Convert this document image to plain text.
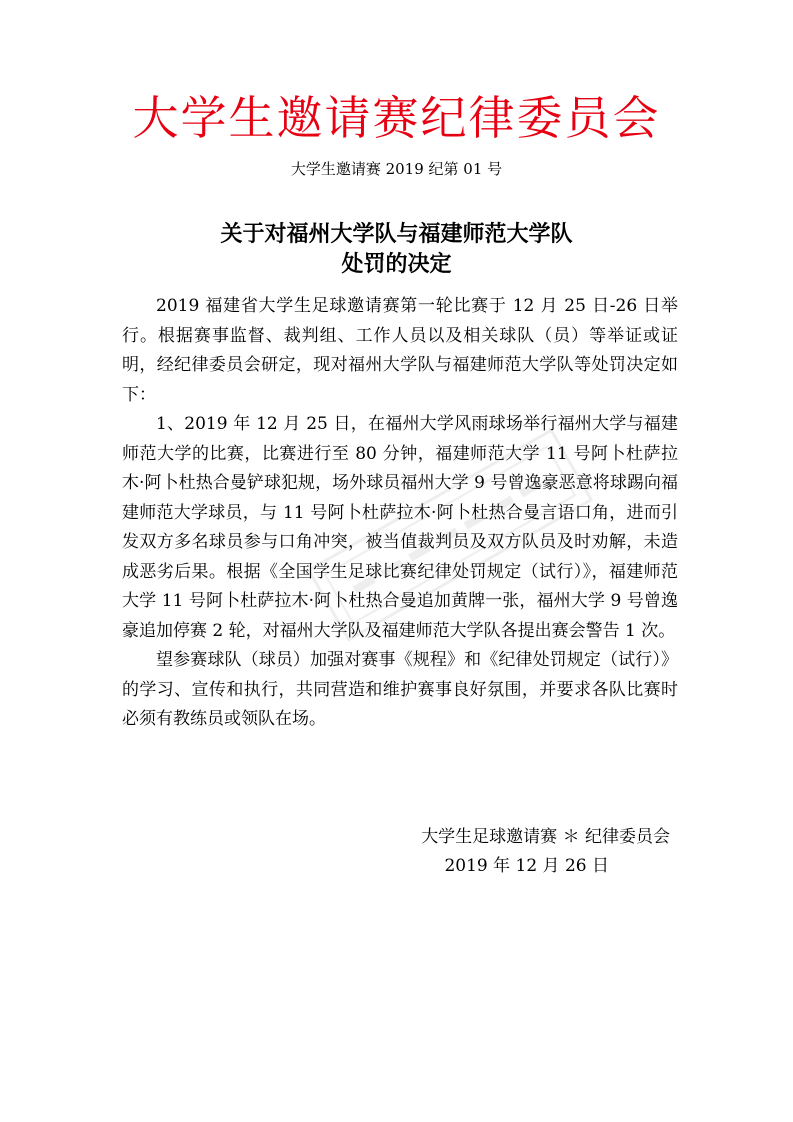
大学生邀请赛纪律委员会
大学生邀请赛 2019 纪第 01 号
关于对福州大学队与福建师范大学队
处罚的决定

2019 福建省大学生足球邀请赛第一轮比赛于 12 月 25 日-26 日举行。根据赛事监督、裁判组、工作人员以及相关球队（员）等举证或证明，经纪律委员会研定，现对福州大学队与福建师范大学队等处罚决定如下：

1、2019 年 12 月 25 日，在福州大学风雨球场举行福州大学与福建师范大学的比赛，比赛进行至 80 分钟，福建师范大学 11 号阿卜杜萨拉木·阿卜杜热合曼铲球犯规，场外球员福州大学 9 号曾逸豪恶意将球踢向福建师范大学球员，与 11 号阿卜杜萨拉木·阿卜杜热合曼言语口角，进而引发双方多名球员参与口角冲突，被当值裁判员及双方队员及时劝解，未造成恶劣后果。根据《全国学生足球比赛纪律处罚规定（试行）》，福建师范大学 11 号阿卜杜萨拉木·阿卜杜热合曼追加黄牌一张，福州大学 9 号曾逸豪追加停赛 2 轮，对福州大学队及福建师范大学队各提出赛会警告 1 次。

望参赛球队（球员）加强对赛事《规程》和《纪律处罚规定（试行）》的学习、宣传和执行，共同营造和维护赛事良好氛围，并要求各队比赛时必须有教练员或领队在场。

大学生足球邀请赛 ＊ 纪律委员会
2019 年 12 月 26 日
